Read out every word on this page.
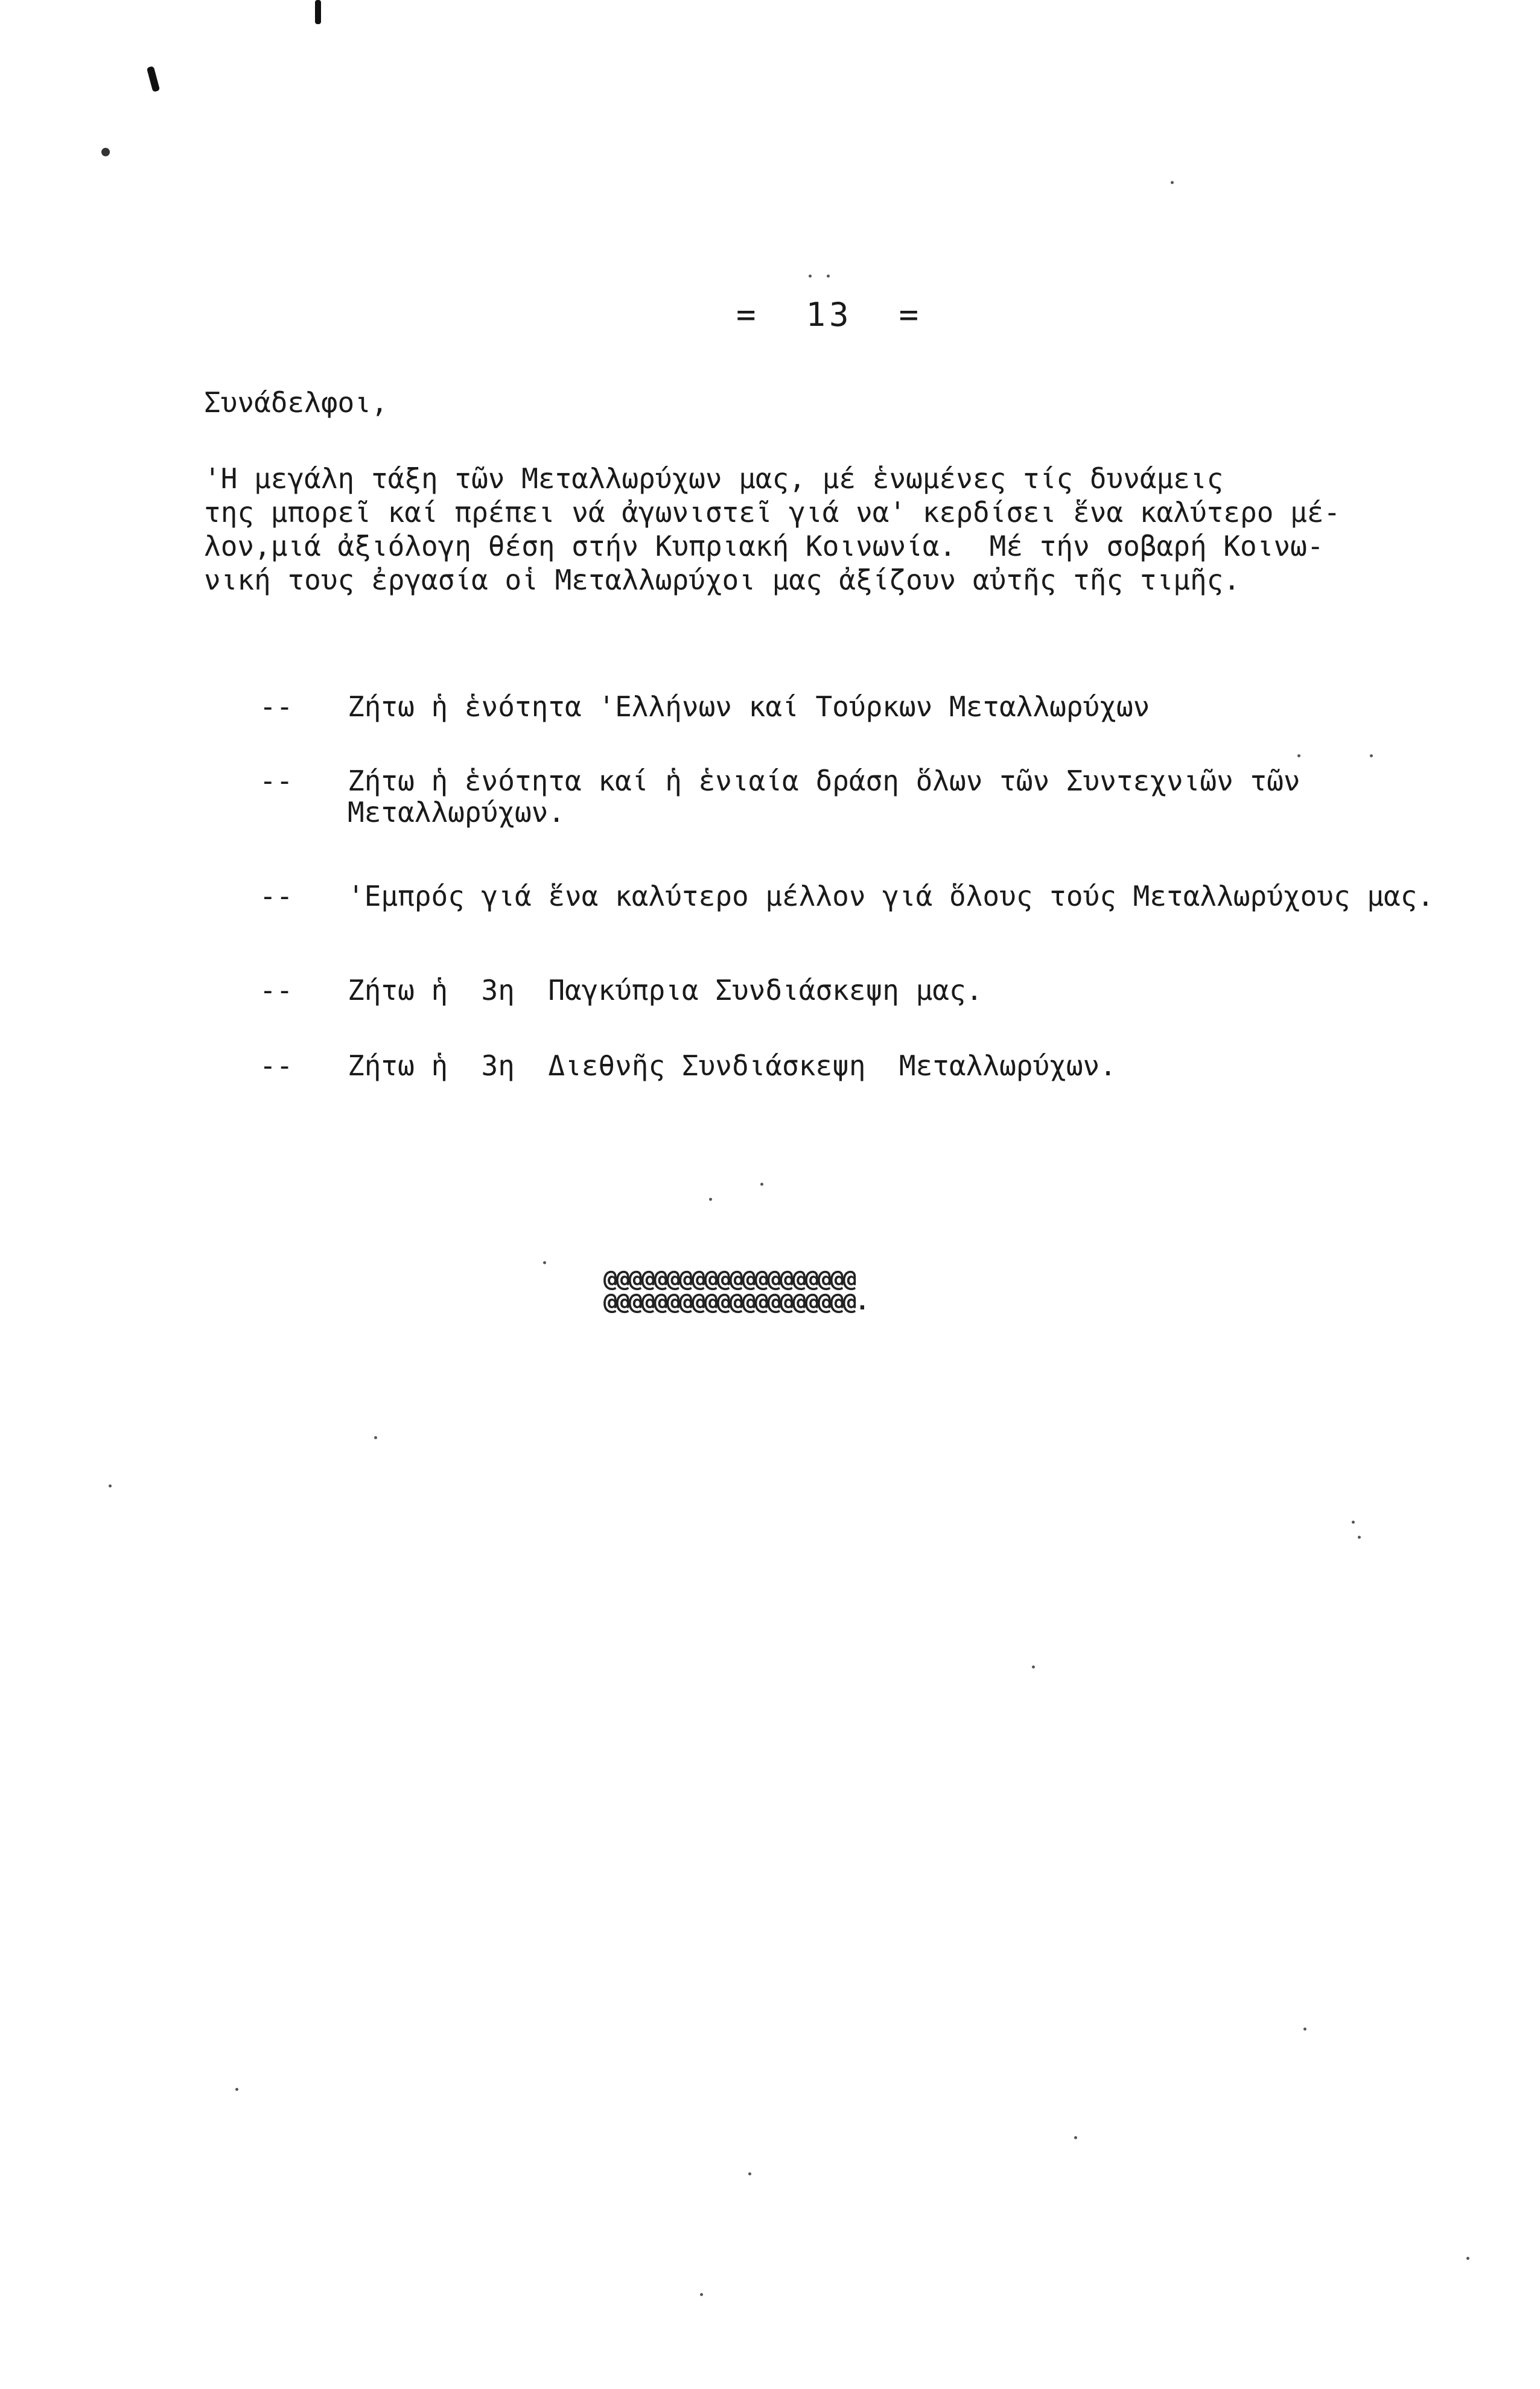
=  13  =
Συνάδελφοι,
'Η μεγάλη τάξη τῶν Μεταλλωρύχων μας, μέ ἑνωμένες τίς δυνάμεις
της μπορεῖ καί πρέπει νά ἀγωνιστεῖ γιά να' κερδίσει ἕνα καλύτερο μέ-
λον,μιά ἀξιόλογη θέση στήν Κυπριακή Κοινωνία.  Μέ τήν σοβαρή Κοινω-
νική τους ἐργασία οἱ Μεταλλωρύχοι μας ἀξίζουν αὐτῆς τῆς τιμῆς.
-- Ζήτω ἡ ἑνότητα 'Ελλήνων καί Τούρκων Μεταλλωρύχων
-- Ζήτω ἡ ἑνότητα καί ἡ ἑνιαία δράση ὅλων τῶν Συντεχνιῶν τῶν Μεταλλωρύχων.
-- 'Εμπρός γιά ἕνα καλύτερο μέλλον γιά ὅλους τούς Μεταλλωρύχους μας.
-- Ζήτω ἡ  3η  Παγκύπρια Συνδιάσκεψη μας.
-- Ζήτω ἡ  3η  Διεθνῆς Συνδιάσκεψη  Μεταλλωρύχων.
@@@@@@@@@@@@@@@@@@@@
@@@@@@@@@@@@@@@@@@@@.
